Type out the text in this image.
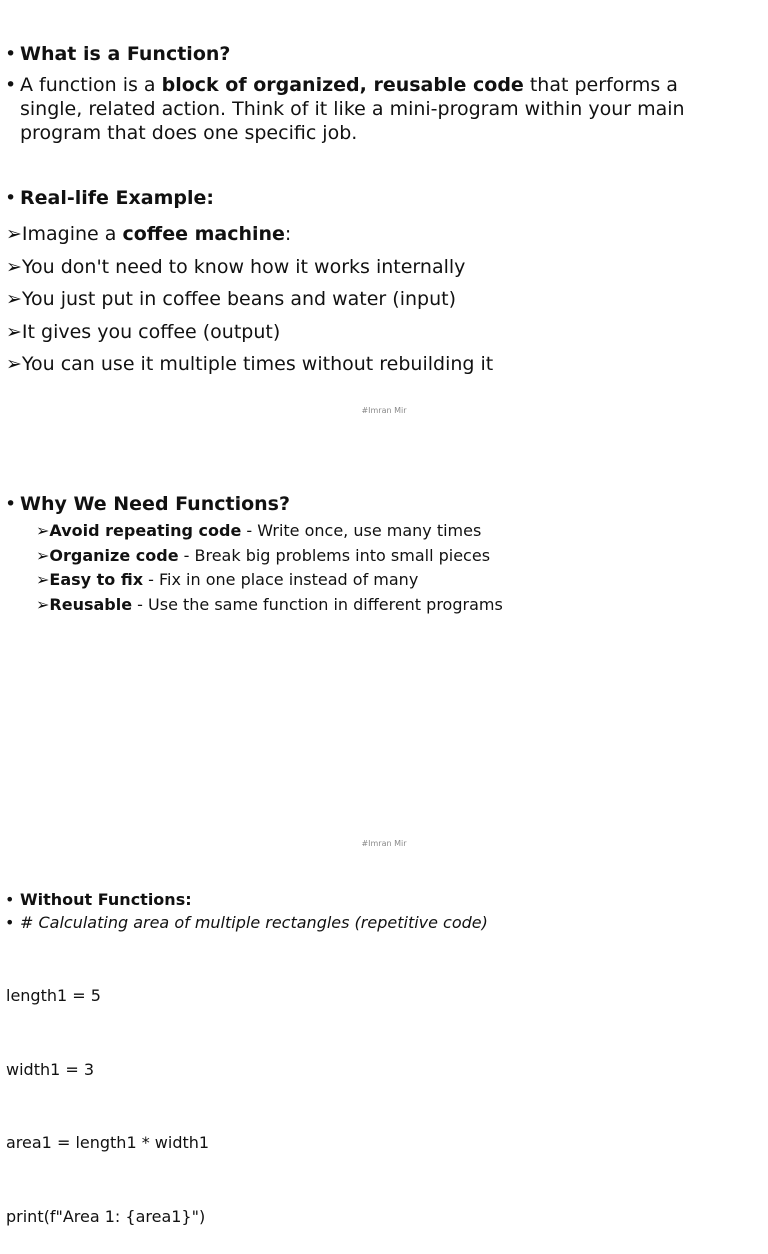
• What is a Function?
• A function is a block of organized, reusable code that performs a single, related action. Think of it like a mini-program within your main program that does one specific job.
• Real-life Example:
➢Imagine a coffee machine:
➢You don't need to know how it works internally
➢You just put in coffee beans and water (input)
➢It gives you coffee (output)
➢You can use it multiple times without rebuilding it
#Imran Mir
• Why We Need Functions?
➢Avoid repeating code - Write once, use many times
➢Organize code - Break big problems into small pieces
➢Easy to fix - Fix in one place instead of many
➢Reusable - Use the same function in different programs
#Imran Mir
• Without Functions:
• # Calculating area of multiple rectangles (repetitive code)

length1 = 5

width1 = 3

area1 = length1 * width1

print(f"Area 1: {area1}")
